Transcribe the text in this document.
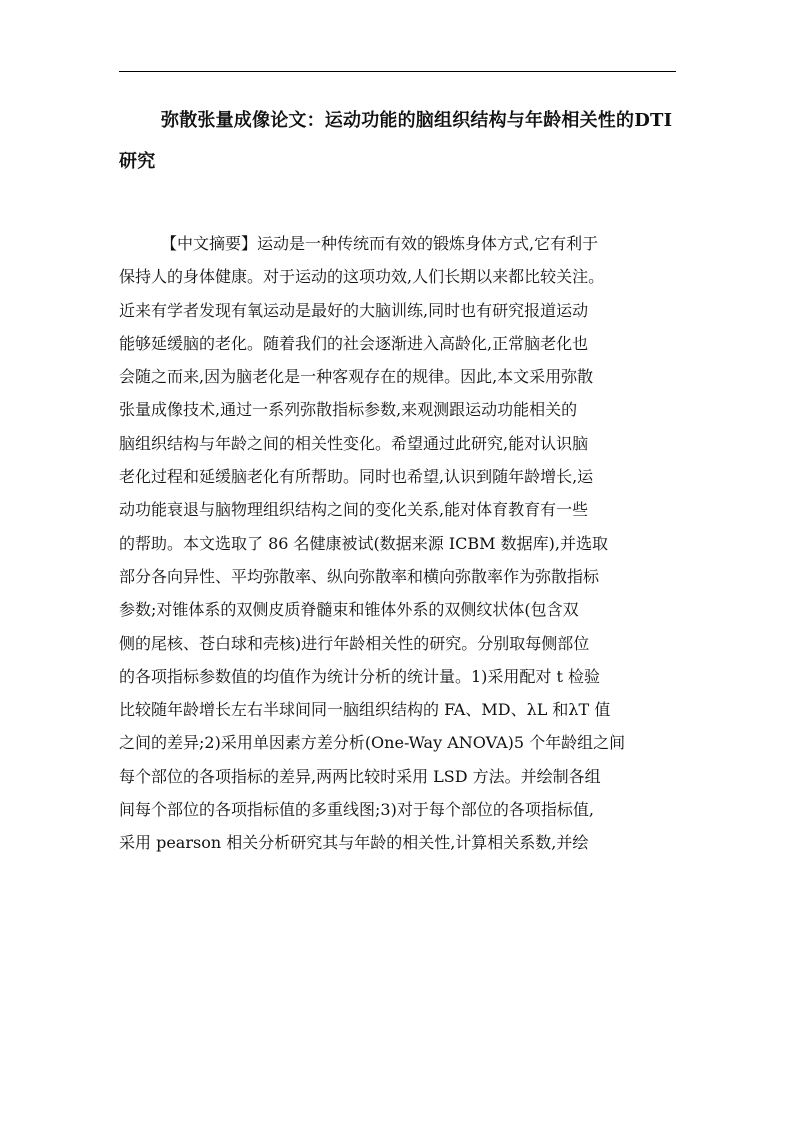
弥散张量成像论文：运动功能的脑组织结构与年龄相关性的DTI研究
【中文摘要】运动是一种传统而有效的锻炼身体方式,它有利于
保持人的身体健康。对于运动的这项功效,人们长期以来都比较关注。
近来有学者发现有氧运动是最好的大脑训练,同时也有研究报道运动
能够延缓脑的老化。随着我们的社会逐渐进入高龄化,正常脑老化也
会随之而来,因为脑老化是一种客观存在的规律。因此,本文采用弥散
张量成像技术,通过一系列弥散指标参数,来观测跟运动功能相关的
脑组织结构与年龄之间的相关性变化。希望通过此研究,能对认识脑
老化过程和延缓脑老化有所帮助。同时也希望,认识到随年龄增长,运
动功能衰退与脑物理组织结构之间的变化关系,能对体育教育有一些
的帮助。本文选取了 86 名健康被试(数据来源 ICBM 数据库),并选取
部分各向异性、平均弥散率、纵向弥散率和横向弥散率作为弥散指标
参数;对锥体系的双侧皮质脊髓束和锥体外系的双侧纹状体(包含双
侧的尾核、苍白球和壳核)进行年龄相关性的研究。分别取每侧部位
的各项指标参数值的均值作为统计分析的统计量。1)采用配对 t 检验
比较随年龄增长左右半球间同一脑组织结构的 FA、MD、λL 和λT 值
之间的差异;2)采用单因素方差分析(One-Way ANOVA)5 个年龄组之间
每个部位的各项指标的差异,两两比较时采用 LSD 方法。并绘制各组
间每个部位的各项指标值的多重线图;3)对于每个部位的各项指标值,
采用 pearson 相关分析研究其与年龄的相关性,计算相关系数,并绘
